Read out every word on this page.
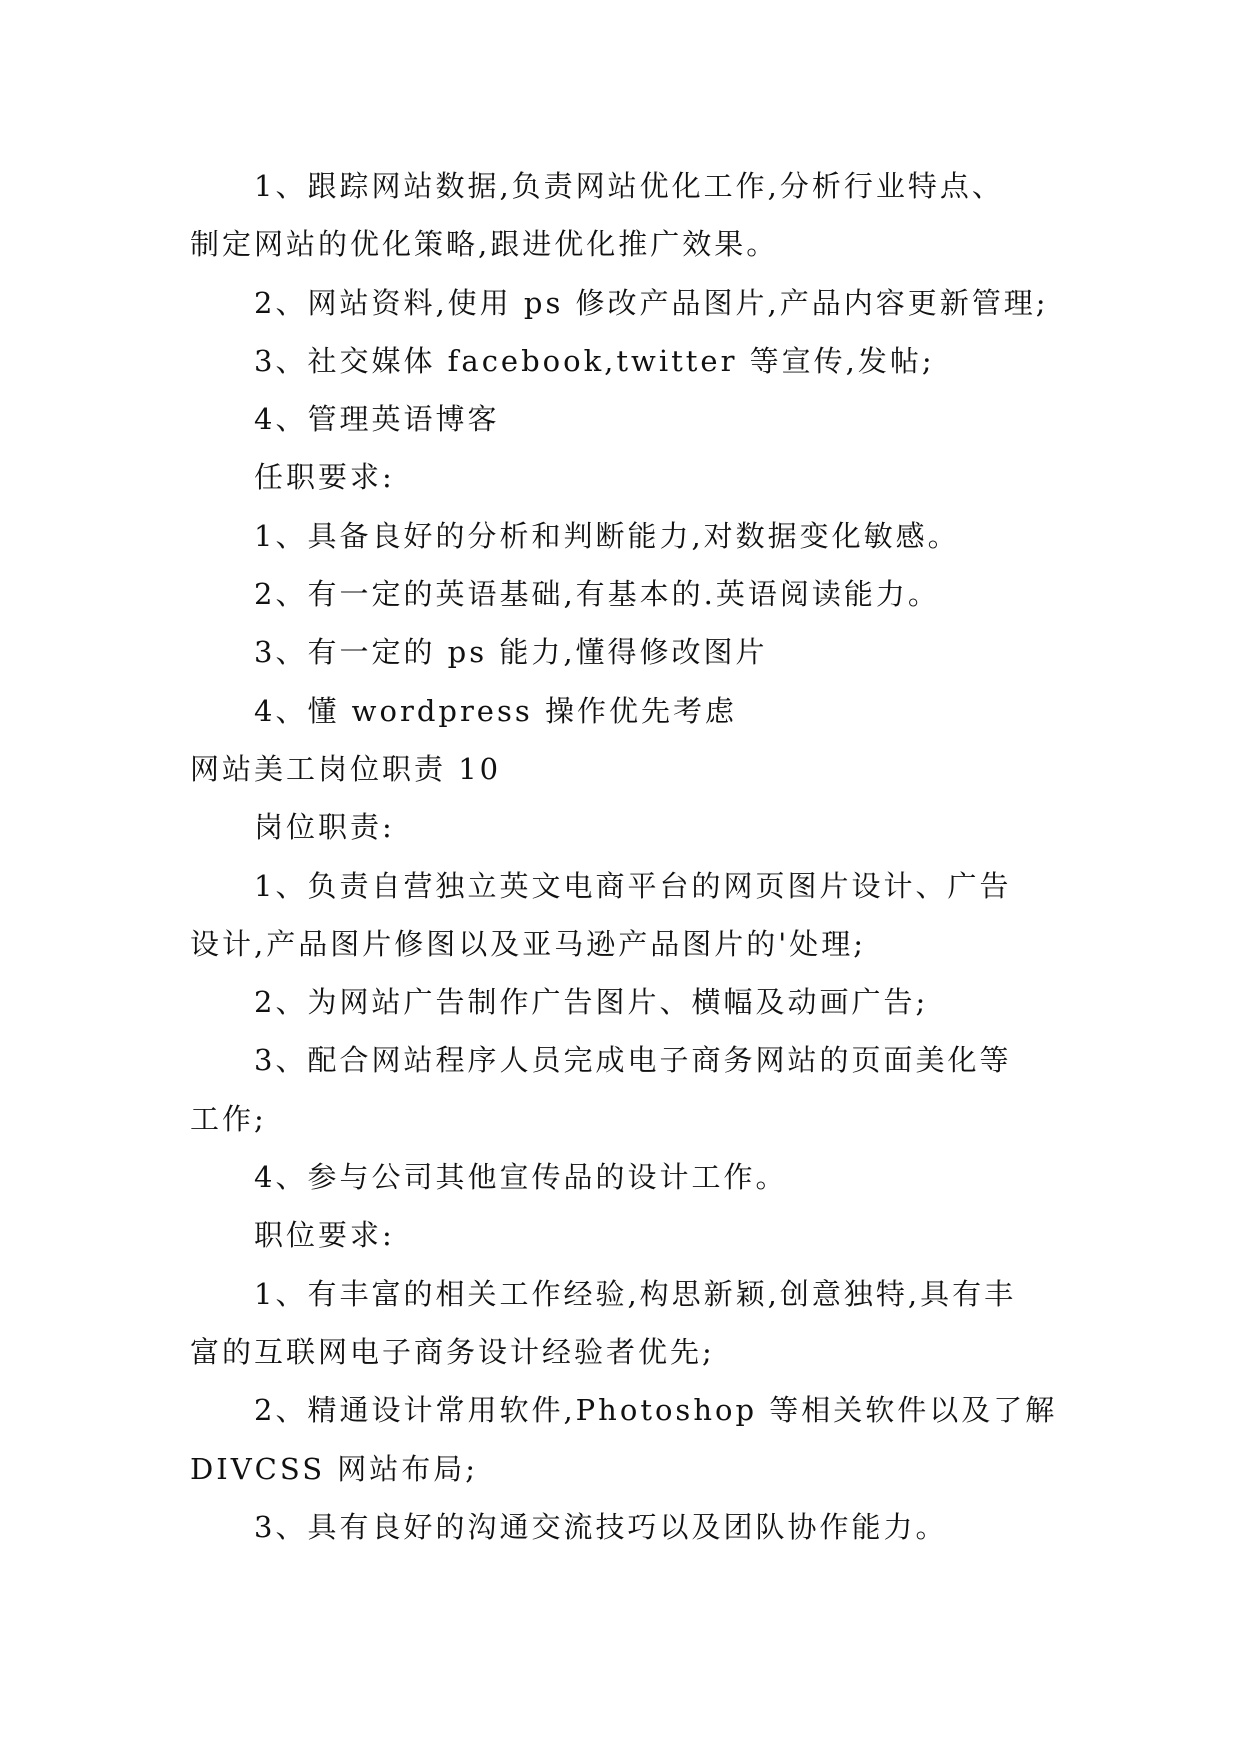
1、跟踪网站数据,负责网站优化工作,分析行业特点、

制定网站的优化策略,跟进优化推广效果。

2、网站资料,使用 ps 修改产品图片,产品内容更新管理;

3、社交媒体 facebook,twitter 等宣传,发帖;

4、管理英语博客

任职要求:

1、具备良好的分析和判断能力,对数据变化敏感。

2、有一定的英语基础,有基本的.英语阅读能力。

3、有一定的 ps 能力,懂得修改图片

4、懂 wordpress 操作优先考虑

网站美工岗位职责 10

岗位职责:

1、负责自营独立英文电商平台的网页图片设计、广告

设计,产品图片修图以及亚马逊产品图片的'处理;

2、为网站广告制作广告图片、横幅及动画广告;

3、配合网站程序人员完成电子商务网站的页面美化等

工作;

4、参与公司其他宣传品的设计工作。

职位要求:

1、有丰富的相关工作经验,构思新颖,创意独特,具有丰

富的互联网电子商务设计经验者优先;

2、精通设计常用软件,Photoshop 等相关软件以及了解

DIVCSS 网站布局;

3、具有良好的沟通交流技巧以及团队协作能力。
